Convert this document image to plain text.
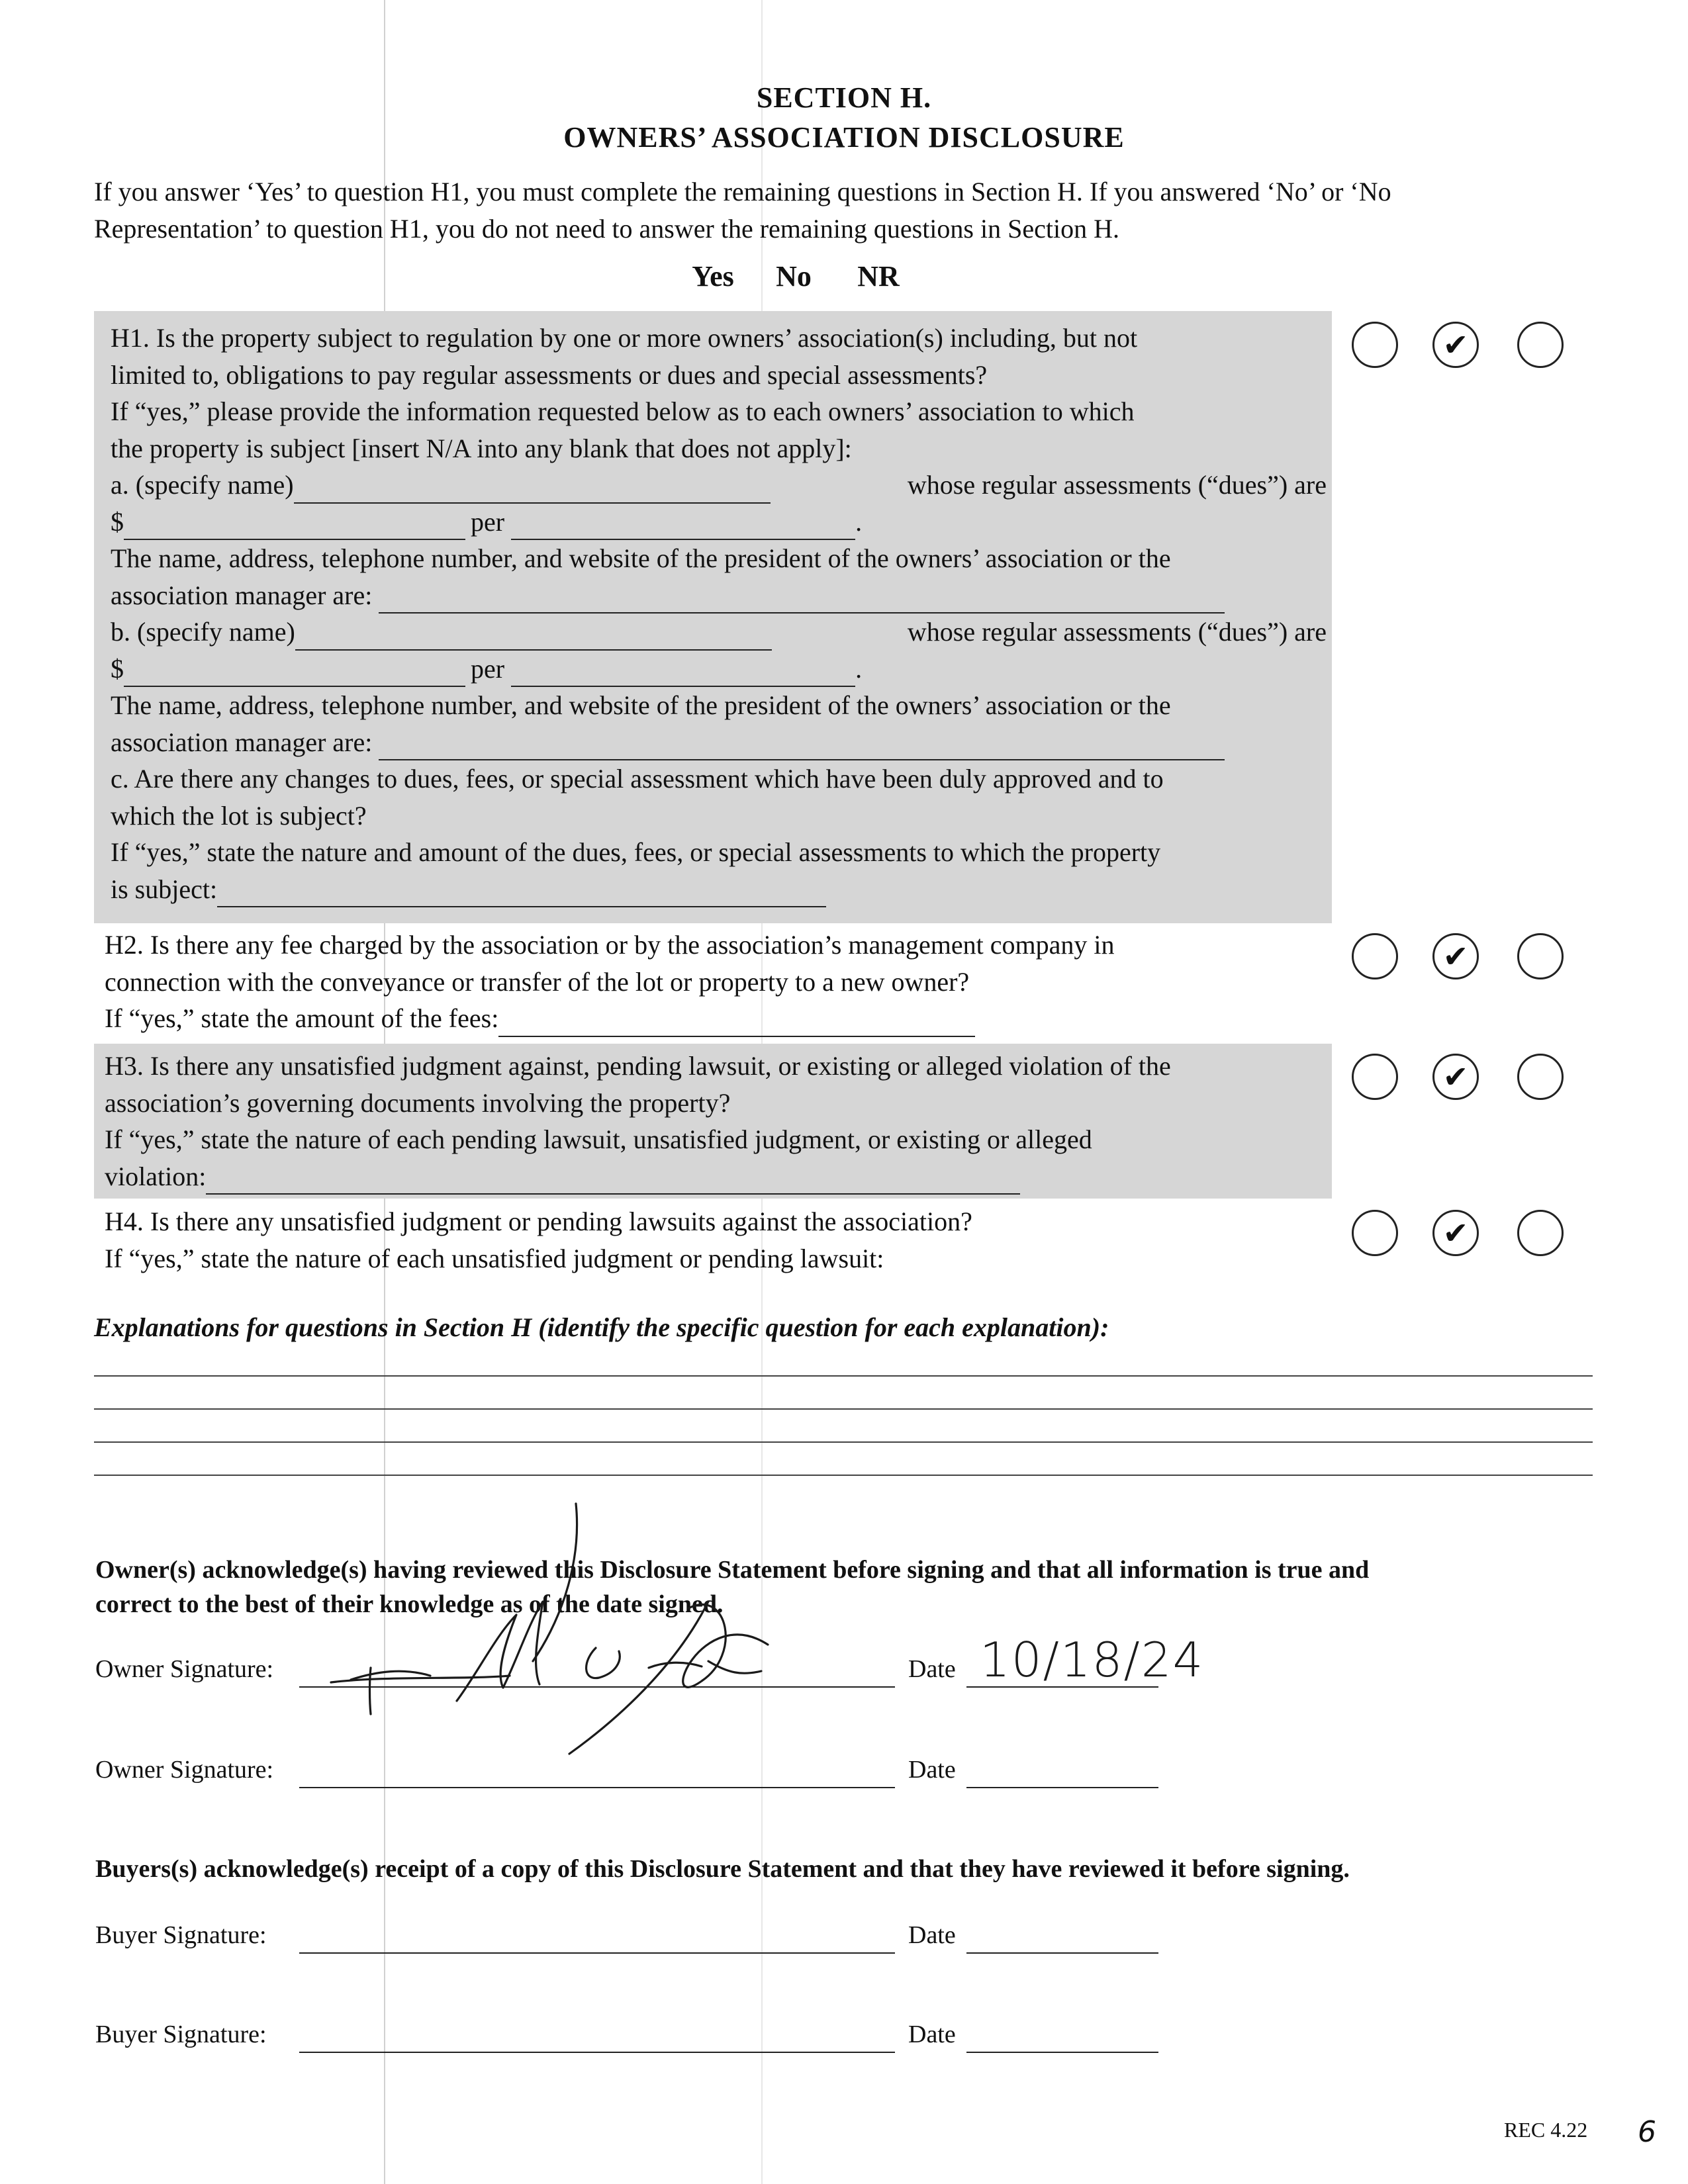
SECTION H.
OWNERS’ ASSOCIATION DISCLOSURE
If you answer ‘Yes’ to question H1, you must complete the remaining questions in Section H. If you answered ‘No’ or ‘No
Representation’ to question H1, you do not need to answer the remaining questions in Section H.
Yes	No	NR
H1. Is the property subject to regulation by one or more owners’ association(s) including, but not
limited to, obligations to pay regular assessments or dues and special assessments?
If “yes,” please provide the information requested below as to each owners’ association to which
the property is subject [insert N/A into any blank that does not apply]:
a. (specify name)	whose regular assessments (“dues”) are
$	per	.
The name, address, telephone number, and website of the president of the owners’ association or the
association manager are:
b. (specify name)	whose regular assessments (“dues”) are
$	per	.
The name, address, telephone number, and website of the president of the owners’ association or the
association manager are:
c. Are there any changes to dues, fees, or special assessment which have been duly approved and to
which the lot is subject?
If “yes,” state the nature and amount of the dues, fees, or special assessments to which the property
is subject:
✔
H2. Is there any fee charged by the association or by the association’s management company in
connection with the conveyance or transfer of the lot or property to a new owner?
If “yes,” state the amount of the fees:
✔
H3. Is there any unsatisfied judgment against, pending lawsuit, or existing or alleged violation of the
association’s governing documents involving the property?
If “yes,” state the nature of each pending lawsuit, unsatisfied judgment, or existing or alleged
violation:
✔
H4. Is there any unsatisfied judgment or pending lawsuits against the association?
If “yes,” state the nature of each unsatisfied judgment or pending lawsuit:
✔
Explanations for questions in Section H (identify the specific question for each explanation):
Owner(s) acknowledge(s) having reviewed this Disclosure Statement before signing and that all information is true and
correct to the best of their knowledge as of the date signed.
Owner Signature:	Date 10/18/24
Owner Signature:	Date
Buyers(s) acknowledge(s) receipt of a copy of this Disclosure Statement and that they have reviewed it before signing.
Buyer Signature:	Date
Buyer Signature:	Date
REC 4.22 6
